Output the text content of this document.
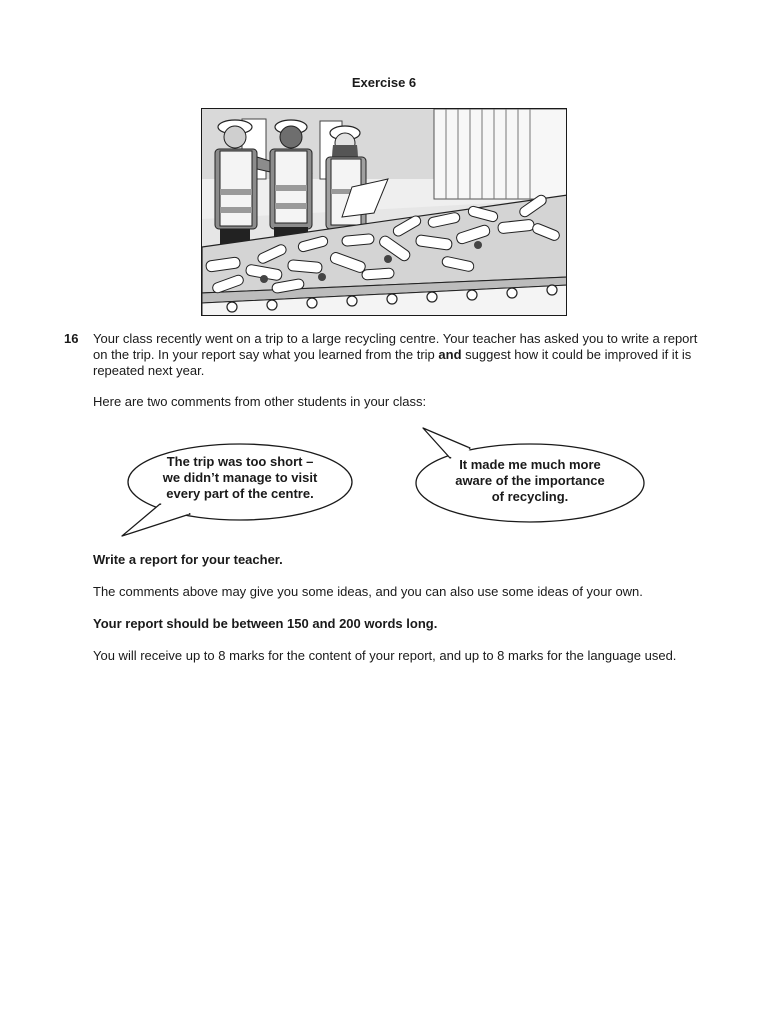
Exercise 6
16 Your class recently went on a trip to a large recycling centre. Your teacher has asked you to write a report on the trip. In your report say what you learned from the trip and suggest how it could be improved if it is repeated next year.
Here are two comments from other students in your class:
The trip was too short –
we didn’t manage to visit
every part of the centre.
It made me much more
aware of the importance
of recycling.
Write a report for your teacher.
The comments above may give you some ideas, and you can also use some ideas of your own.
Your report should be between 150 and 200 words long.
You will receive up to 8 marks for the content of your report, and up to 8 marks for the language used.
